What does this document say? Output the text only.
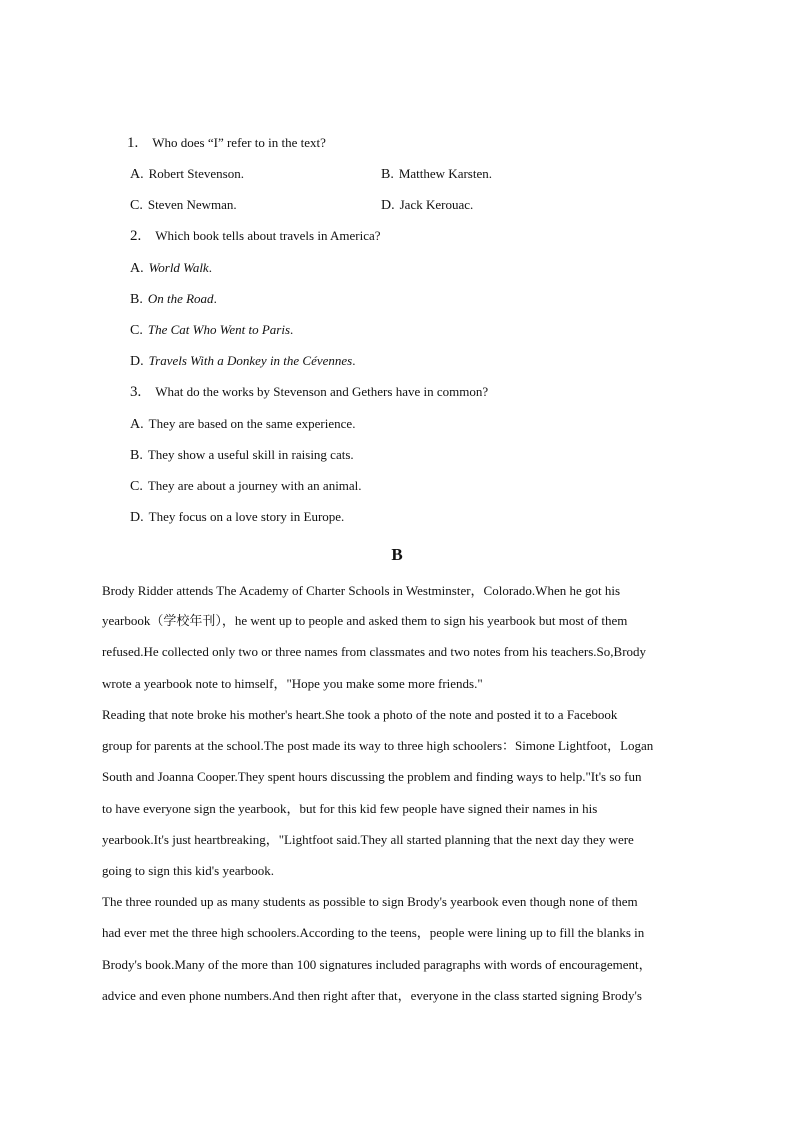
1. Who does “I” refer to in the text?
A. Robert Stevenson.	B. Matthew Karsten.
C. Steven Newman.	D. Jack Kerouac.
2. Which book tells about travels in America?
A. World Walk.
B. On the Road.
C. The Cat Who Went to Paris.
D. Travels With a Donkey in the Cévennes.
3. What do the works by Stevenson and Gethers have in common?
A. They are based on the same experience.
B. They show a useful skill in raising cats.
C. They are about a journey with an animal.
D. They focus on a love story in Europe.
B
Brody Ridder attends The Academy of Charter Schools in Westminster，Colorado.When he got his
yearbook（学校年刊），he went up to people and asked them to sign his yearbook but most of them
refused.He collected only two or three names from classmates and two notes from his teachers.So,Brody
wrote a yearbook note to himself，"Hope you make some more friends."
Reading that note broke his mother's heart.She took a photo of the note and posted it to a Facebook
group for parents at the school.The post made its way to three high schoolers：Simone Lightfoot，Logan
South and Joanna Cooper.They spent hours discussing the problem and finding ways to help."It's so fun
to have everyone sign the yearbook，but for this kid few people have signed their names in his
yearbook.It's just heartbreaking，"Lightfoot said.They all started planning that the next day they were
going to sign this kid's yearbook.
The three rounded up as many students as possible to sign Brody's yearbook even though none of them
had ever met the three high schoolers.According to the teens，people were lining up to fill the blanks in
Brody's book.Many of the more than 100 signatures included paragraphs with words of encouragement，
advice and even phone numbers.And then right after that，everyone in the class started signing Brody's
